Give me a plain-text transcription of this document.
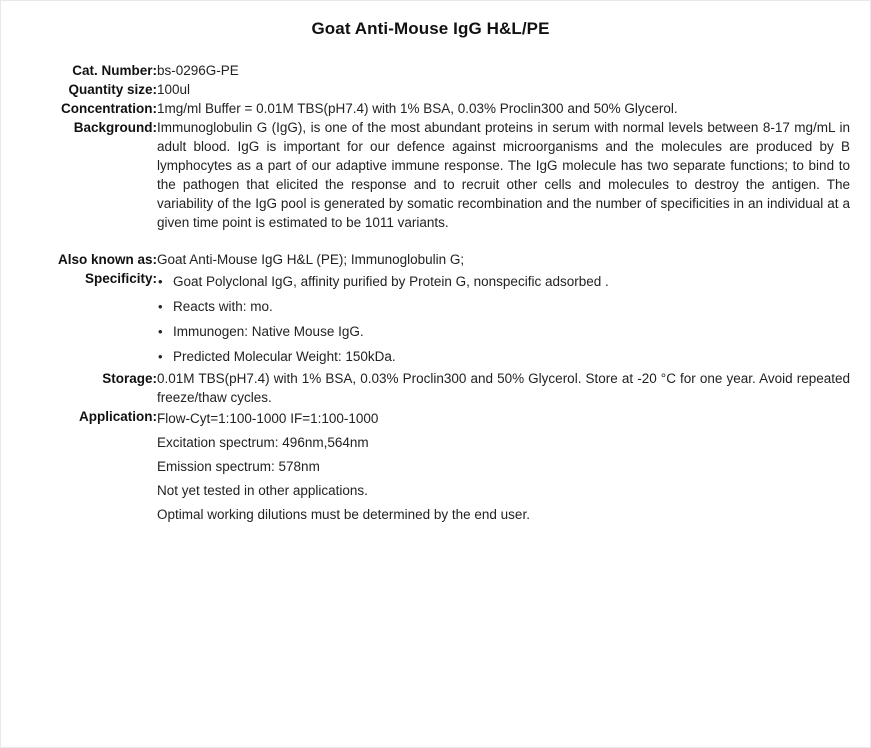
Goat Anti-Mouse IgG H&L/PE
Cat. Number:	bs-0296G-PE
Quantity size:	100ul
Concentration:	1mg/ml Buffer = 0.01M TBS(pH7.4) with 1% BSA, 0.03% Proclin300 and 50% Glycerol.
Background:	Immunoglobulin G (IgG), is one of the most abundant proteins in serum with normal levels between 8-17 mg/mL in adult blood. IgG is important for our defence against microorganisms and the molecules are produced by B lymphocytes as a part of our adaptive immune response. The IgG molecule has two separate functions; to bind to the pathogen that elicited the response and to recruit other cells and molecules to destroy the antigen. The variability of the IgG pool is generated by somatic recombination and the number of specificities in an individual at a given time point is estimated to be 1011 variants.
Also known as:	Goat Anti-Mouse IgG H&L (PE); Immunoglobulin G;
Specificity:	
•Goat Polyclonal IgG, affinity purified by Protein G, nonspecific adsorbed .
• Reacts with: mo.
• Immunogen: Native Mouse IgG.
• Predicted Molecular Weight: 150kDa.

Storage:	0.01M TBS(pH7.4) with 1% BSA, 0.03% Proclin300 and 50% Glycerol. Store at -20 °C for one year. Avoid repeated freeze/thaw cycles.
Application:	Flow-Cyt=1:100-1000 IF=1:100-1000
Excitation spectrum: 496nm,564nm
Emission spectrum: 578nm
Not yet tested in other applications.
Optimal working dilutions must be determined by the end user.
